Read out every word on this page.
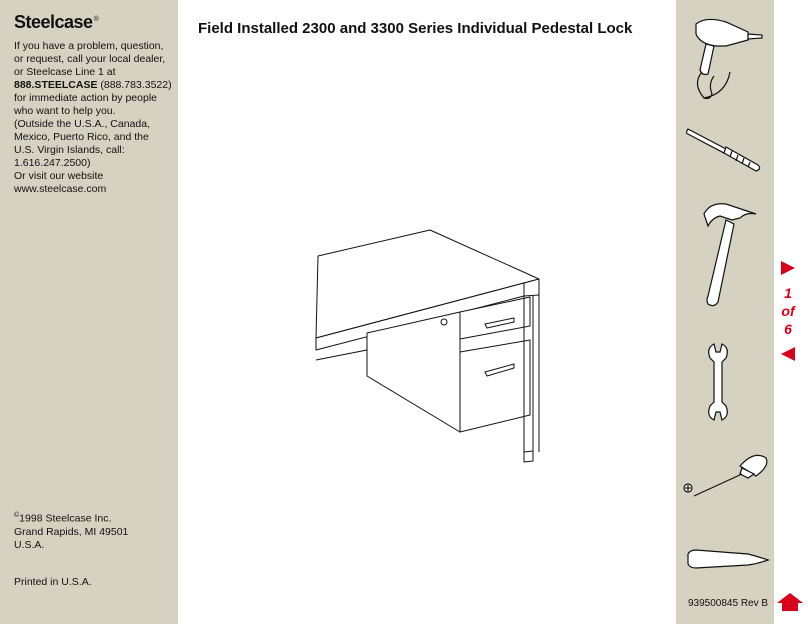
Steelcase®
If you have a problem, question,
or request, call your local dealer,
or Steelcase Line 1 at
888.STEELCASE (888.783.3522)
for immediate action by people
who want to help you.
(Outside the U.S.A., Canada,
Mexico, Puerto Rico, and the
U.S. Virgin Islands, call:
1.616.247.2500)
Or visit our website
www.steelcase.com
©1998 Steelcase Inc.
Grand Rapids, MI 49501
U.S.A.
Printed in U.S.A.
Field Installed 2300 and 3300 Series Individual Pedestal Lock
939500845 Rev B
1
of
6
